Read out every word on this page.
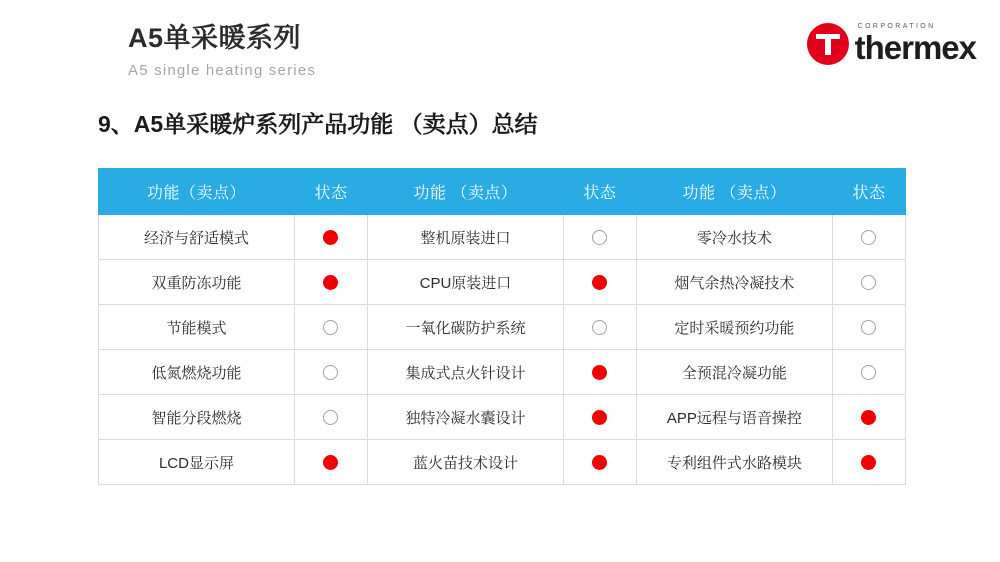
A5单采暖系列
A5 single heating series
CORPORATION
thermex
9、A5单采暖炉系列产品功能 （卖点）总结
功能（卖点）	状态	功能 （卖点）	状态	功能 （卖点）	状态
经济与舒适模式		整机原装进口		零冷水技术	
双重防冻功能		CPU原装进口		烟气余热冷凝技术	
节能模式		一氧化碳防护系统		定时采暖预约功能	
低氮燃烧功能		集成式点火针设计		全预混冷凝功能	
智能分段燃烧		独特冷凝水囊设计		APP远程与语音操控	
LCD显示屏		蓝火苗技术设计		专利组件式水路模块	
